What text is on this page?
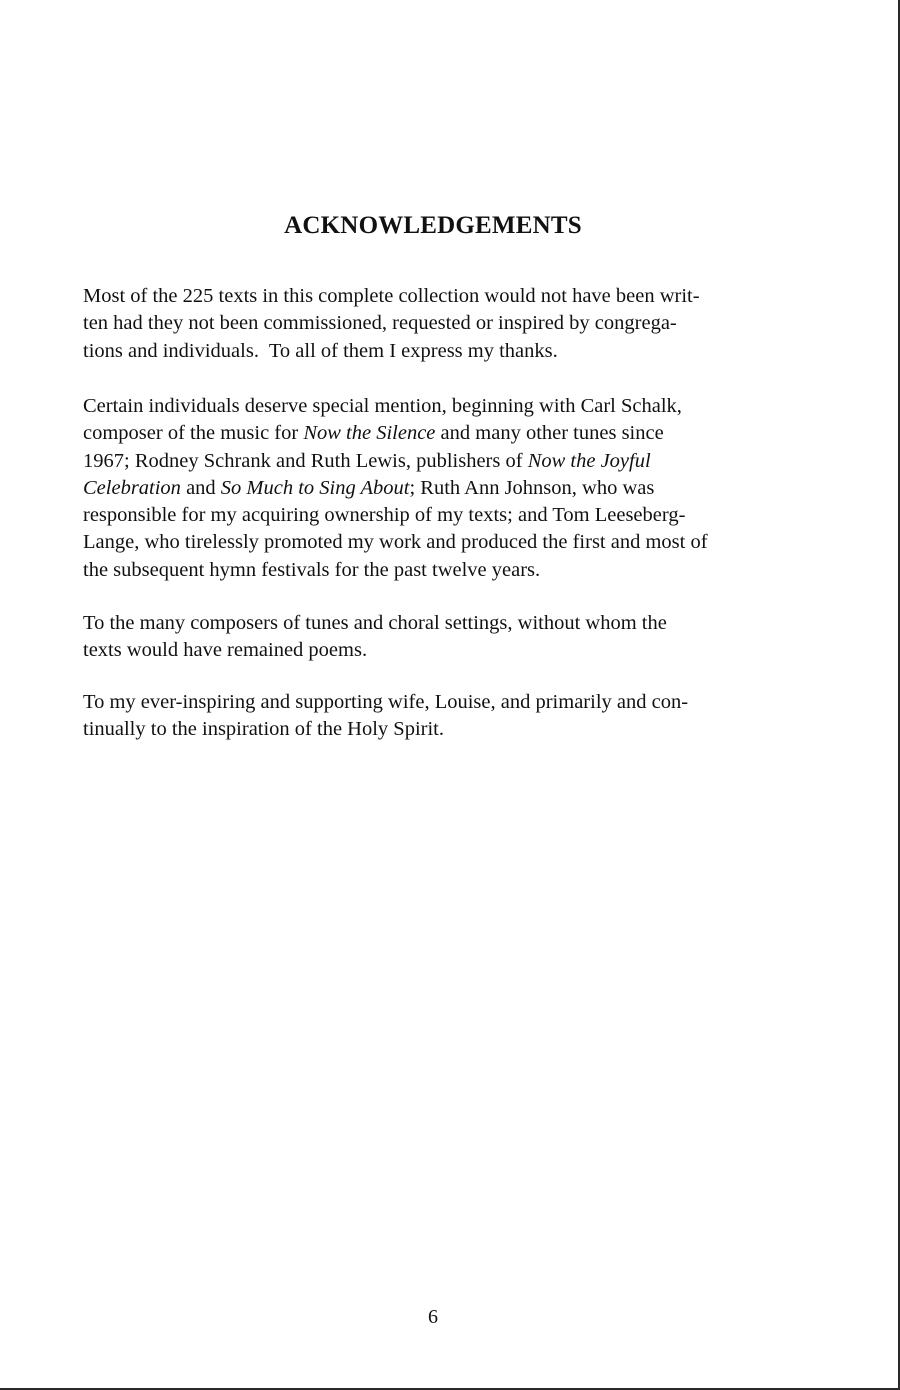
ACKNOWLEDGEMENTS

Most of the 225 texts in this complete collection would not have been writ-
ten had they not been commissioned, requested or inspired by congrega-
tions and individuals.  To all of them I express my thanks.

Certain individuals deserve special mention, beginning with Carl Schalk,
composer of the music for Now the Silence and many other tunes since
1967; Rodney Schrank and Ruth Lewis, publishers of Now the Joyful
Celebration and So Much to Sing About; Ruth Ann Johnson, who was
responsible for my acquiring ownership of my texts; and Tom Leeseberg-
Lange, who tirelessly promoted my work and produced the first and most of
the subsequent hymn festivals for the past twelve years.

To the many composers of tunes and choral settings, without whom the
texts would have remained poems.

To my ever-inspiring and supporting wife, Louise, and primarily and con-
tinually to the inspiration of the Holy Spirit.

6
